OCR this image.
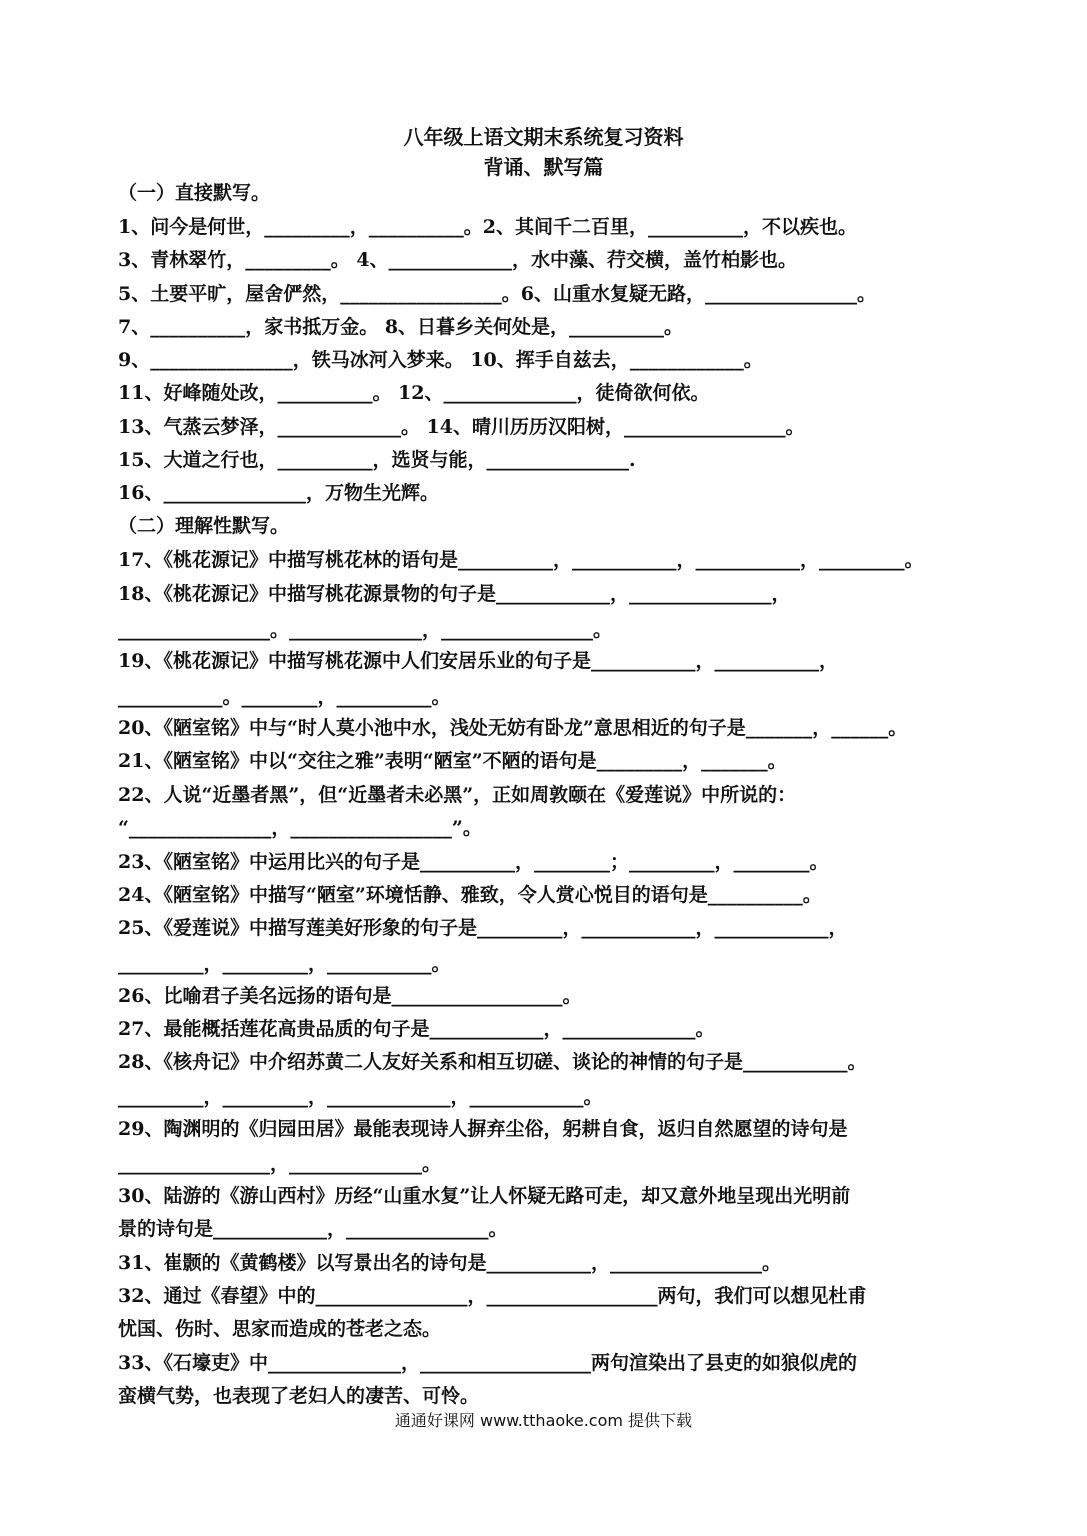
八年级上语文期末系统复习资料
背诵、默写篇
（一）直接默写。
1、问今是何世，_________，__________。2、其间千二百里，__________，不以疾也。
3、青林翠竹，_________。 4、_____________，水中藻、荇交横，盖竹柏影也。
5、土要平旷，屋舍俨然，_________________。6、山重水复疑无路，________________。
7、__________，家书抵万金。 8、日暮乡关何处是，__________。
9、_______________，铁马冰河入梦来。 10、挥手自兹去，____________。
11、好峰随处改，__________。 12、______________，徒倚欲何依。
13、气蒸云梦泽，_____________。 14、晴川历历汉阳树，_________________。
15、大道之行也，__________，选贤与能，_______________.
16、_______________，万物生光辉。
（二）理解性默写。
17、《桃花源记》中描写桃花林的语句是__________，___________，___________，_________。
18、《桃花源记》中描写桃花源景物的句子是____________，_______________，
________________。______________，________________。
19、《桃花源记》中描写桃花源中人们安居乐业的句子是___________，___________，
___________。________，__________。
20、《陋室铭》中与“时人莫小池中水，浅处无妨有卧龙”意思相近的句子是_______，______。
21、《陋室铭》中以“交往之雅”表明“陋室”不陋的语句是_________，_______。
22、人说“近墨者黑”，但“近墨者未必黑”，正如周敦颐在《爱莲说》中所说的：
“_______________，_________________”。
23、《陋室铭》中运用比兴的句子是__________，________；_________，________。
24、《陋室铭》中描写“陋室”环境恬静、雅致，令人赏心悦目的语句是__________。
25、《爱莲说》中描写莲美好形象的句子是_________，____________，____________，
_________，_________，___________。
26、比喻君子美名远扬的语句是__________________。
27、最能概括莲花高贵品质的句子是____________，______________。
28、《核舟记》中介绍苏黄二人友好关系和相互切磋、谈论的神情的句子是___________。
_________，_________，_____________，____________。
29、陶渊明的《归园田居》最能表现诗人摒弃尘俗，躬耕自食，返归自然愿望的诗句是
________________，______________。
30、陆游的《游山西村》历经“山重水复”让人怀疑无路可走，却又意外地呈现出光明前
景的诗句是____________，_______________。
31、崔颢的《黄鹤楼》以写景出名的诗句是___________，________________。
32、通过《春望》中的________________，__________________两句，我们可以想见杜甫
忧国、伤时、思家而造成的苍老之态。
33、《石壕吏》中______________，__________________两句渲染出了县吏的如狼似虎的
蛮横气势，也表现了老妇人的凄苦、可怜。
通通好课网 www.tthaoke.com 提供下载
